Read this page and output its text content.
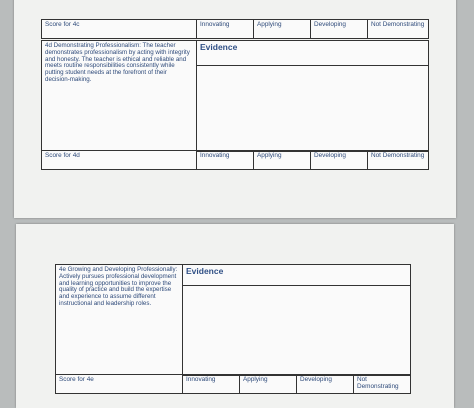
Score for 4c	Innovating	Applying	Developing	Not Demonstrating
4d Demonstrating Professionalism: The teacher demonstrates professionalism by acting with integrity and honesty. The teacher is ethical and reliable and meets routine responsibilities consistently while putting student needs at the forefront of their decision-making.
Evidence
Score for 4d	Innovating	Applying	Developing	Not Demonstrating
4e Growing and Developing Professionally: Actively pursues professional development and learning opportunities to improve the quality of practice and build the expertise and experience to assume different instructional and leadership roles.
Evidence
Score for 4e	Innovating	Applying	Developing	Not Demonstrating
